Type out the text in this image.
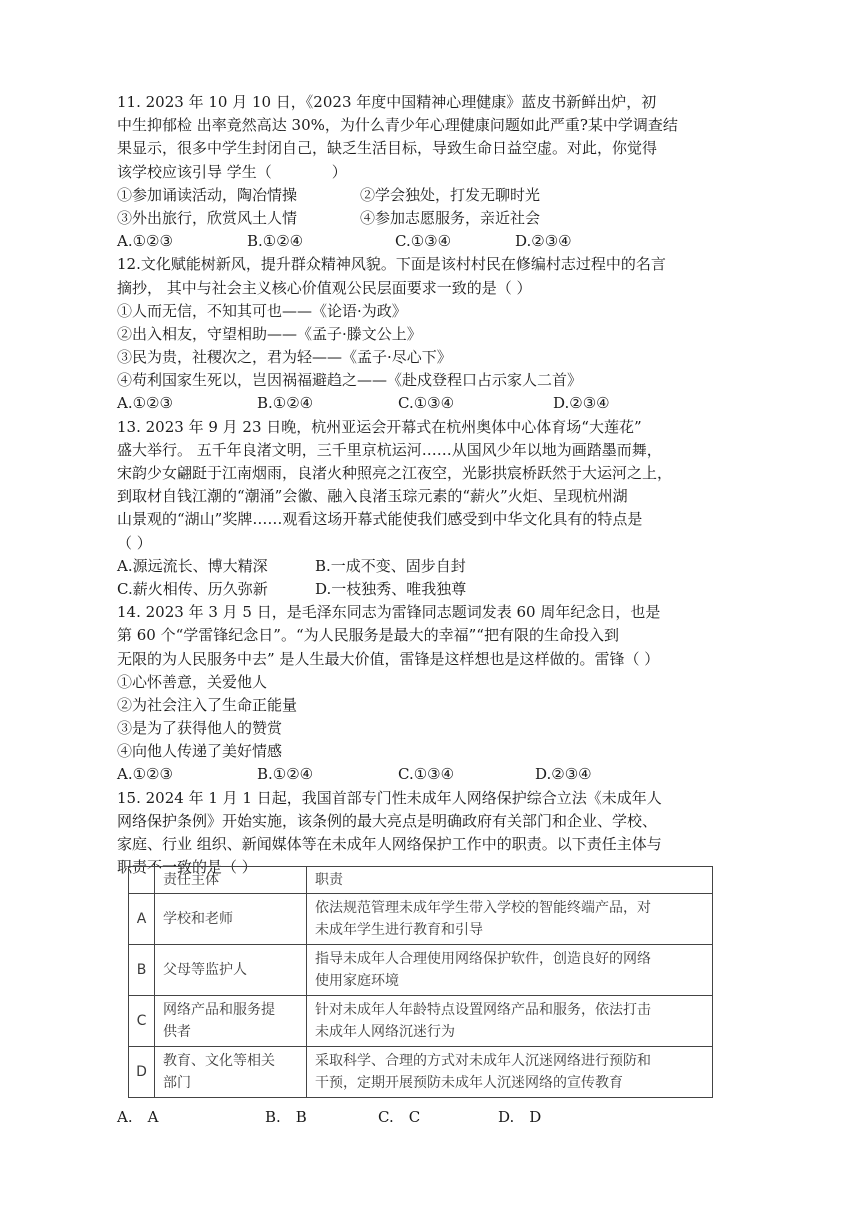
11. 2023 年 10 月 10 日，《2023 年度中国精神心理健康》蓝皮书新鲜出炉，初
中生抑郁检 出率竟然高达 30%，为什么青少年心理健康问题如此严重?某中学调查结
果显示，很多中学生封闭自己，缺乏生活目标，导致生命日益空虚。对此，你觉得
该学校应该引导 学生（　　　　）
①参加诵读活动，陶冶情操	②学会独处，打发无聊时光
③外出旅行，欣赏风土人情	④参加志愿服务，亲近社会
A.①②③	B.①②④	C.①③④	D.②③④
12.文化赋能树新风，提升群众精神风貌。下面是该村村民在修编村志过程中的名言
摘抄， 其中与社会主义核心价值观公民层面要求一致的是（ ）
①人而无信，不知其可也——《论语·为政》
②出入相友，守望相助——《孟子·滕文公上》
③民为贵，社稷次之，君为轻——《孟子·尽心下》
④苟利国家生死以，岂因祸福避趋之——《赴戍登程口占示家人二首》
A.①②③	B.①②④	C.①③④	D.②③④
13. 2023 年 9 月 23 日晚，杭州亚运会开幕式在杭州奥体中心体育场“大莲花”
盛大举行。 五千年良渚文明，三千里京杭运河……从国风少年以地为画踏墨而舞，
宋韵少女翩跹于江南烟雨，良渚火种照亮之江夜空，光影拱宸桥跃然于大运河之上，
到取材自钱江潮的“潮涌”会徽、融入良渚玉琮元素的“薪火”火炬、呈现杭州湖
山景观的“湖山”奖牌……观看这场开幕式能使我们感受到中华文化具有的特点是
（ ）
A.源远流长、博大精深	B.一成不变、固步自封
C.薪火相传、历久弥新	D.一枝独秀、唯我独尊
14. 2023 年 3 月 5 日，是毛泽东同志为雷锋同志题词发表 60 周年纪念日，也是
第 60 个“学雷锋纪念日”。“为人民服务是最大的幸福”“把有限的生命投入到
无限的为人民服务中去” 是人生最大价值，雷锋是这样想也是这样做的。雷锋（ ）
①心怀善意，关爱他人
②为社会注入了生命正能量
③是为了获得他人的赞赏
④向他人传递了美好情感
A.①②③	B.①②④	C.①③④	D.②③④
15. 2024 年 1 月 1 日起，我国首部专门性未成年人网络保护综合立法《未成年人
网络保护条例》开始实施，该条例的最大亮点是明确政府有关部门和企业、学校、
家庭、行业 组织、新闻媒体等在未成年人网络保护工作中的职责。以下责任主体与
职责不一致的是（ ）
	责任主体	职责
A	学校和老师	依法规范管理未成年学生带入学校的智能终端产品，对
未成年学生进行教育和引导
B	父母等监护人	指导未成年人合理使用网络保护软件，创造良好的网络
使用家庭环境
C	网络产品和服务提
供者	针对未成年人年龄特点设置网络产品和服务，依法打击
未成年人网络沉迷行为
D	教育、文化等相关
部门	采取科学、合理的方式对未成年人沉迷网络进行预防和
干预，定期开展预防未成年人沉迷网络的宣传教育
A.　A	B.　B	C.　C	D.　D
